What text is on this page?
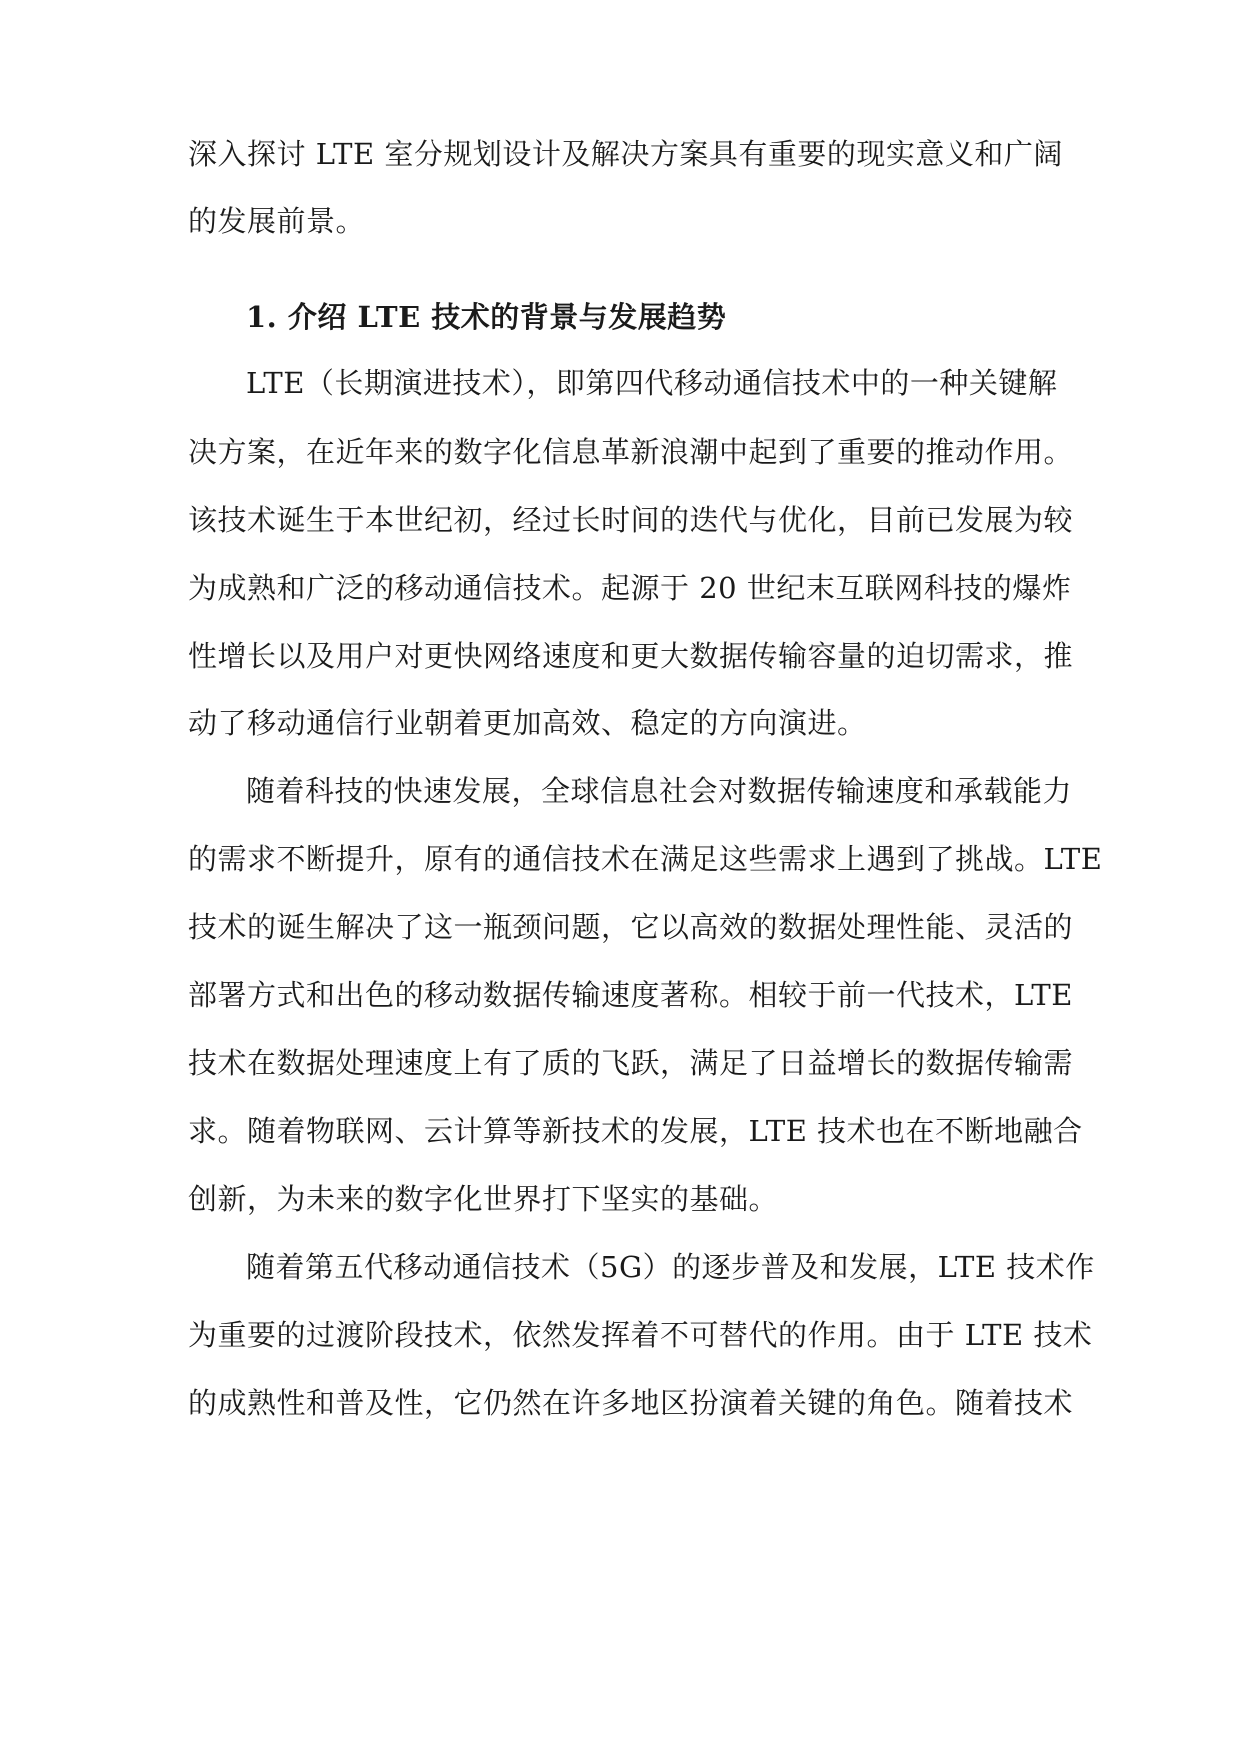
深入探讨 LTE 室分规划设计及解决方案具有重要的现实意义和广阔
的发展前景。
1. 介绍 LTE 技术的背景与发展趋势
LTE（长期演进技术），即第四代移动通信技术中的一种关键解
决方案，在近年来的数字化信息革新浪潮中起到了重要的推动作用。
该技术诞生于本世纪初，经过长时间的迭代与优化，目前已发展为较
为成熟和广泛的移动通信技术。起源于 20 世纪末互联网科技的爆炸
性增长以及用户对更快网络速度和更大数据传输容量的迫切需求，推
动了移动通信行业朝着更加高效、稳定的方向演进。
随着科技的快速发展，全球信息社会对数据传输速度和承载能力
的需求不断提升，原有的通信技术在满足这些需求上遇到了挑战。LTE
技术的诞生解决了这一瓶颈问题，它以高效的数据处理性能、灵活的
部署方式和出色的移动数据传输速度著称。相较于前一代技术，LTE
技术在数据处理速度上有了质的飞跃，满足了日益增长的数据传输需
求。随着物联网、云计算等新技术的发展，LTE 技术也在不断地融合
创新，为未来的数字化世界打下坚实的基础。
随着第五代移动通信技术（5G）的逐步普及和发展，LTE 技术作
为重要的过渡阶段技术，依然发挥着不可替代的作用。由于 LTE 技术
的成熟性和普及性，它仍然在许多地区扮演着关键的角色。随着技术
